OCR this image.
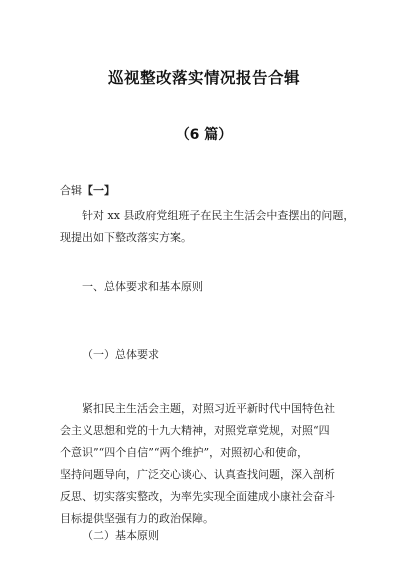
巡视整改落实情况报告合辑
（6 篇）
合辑【一】
针对 xx 县政府党组班子在民主生活会中查摆出的问题，
现提出如下整改落实方案。
一、总体要求和基本原则
（一）总体要求
紧扣民主生活会主题，对照习近平新时代中国特色社
会主义思想和党的十九大精神，对照党章党规，对照“四
个意识”“四个自信”“两个维护”，对照初心和使命，
坚持问题导向，广泛交心谈心、认真查找问题，深入剖析
反思、切实落实整改，为率先实现全面建成小康社会奋斗
目标提供坚强有力的政治保障。
（二）基本原则
